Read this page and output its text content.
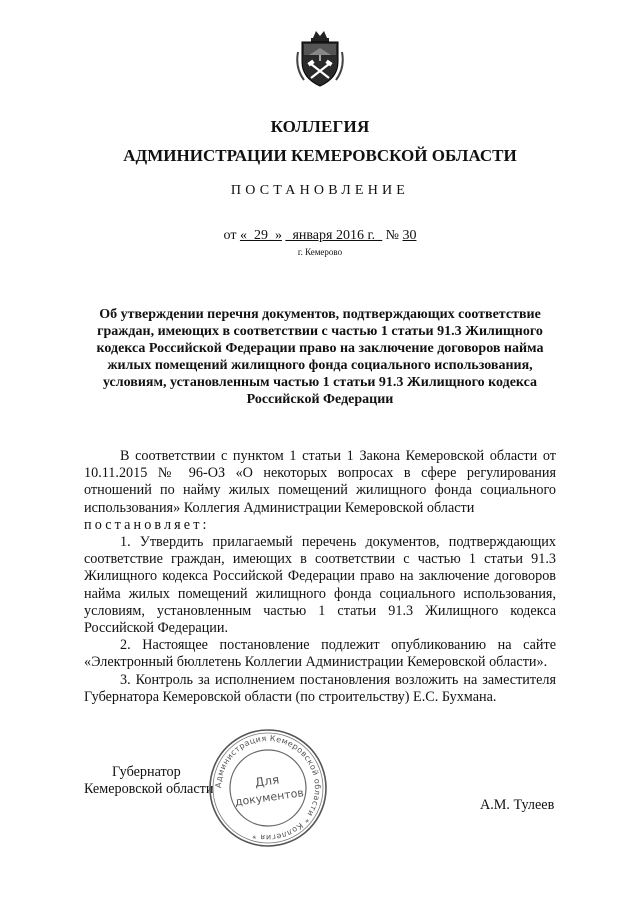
КОЛЛЕГИЯ
АДМИНИСТРАЦИИ КЕМЕРОВСКОЙ ОБЛАСТИ
ПОСТАНОВЛЕНИЕ
от «_29_» _января 2016 г._ № 30
г. Кемерово
Об утверждении перечня документов, подтверждающих соответствие граждан, имеющих в соответствии с частью 1 статьи 91.3 Жилищного кодекса Российской Федерации право на заключение договоров найма жилых помещений жилищного фонда социального использования, условиям, установленным частью 1 статьи 91.3 Жилищного кодекса Российской Федерации

В соответствии с пунктом 1 статьи 1 Закона Кемеровской области от 10.11.2015 № 96-ОЗ «О некоторых вопросах в сфере регулирования отношений по найму жилых помещений жилищного фонда социального использования» Коллегия Администрации Кемеровской области

постановляет:

1. Утвердить прилагаемый перечень документов, подтверждающих соответствие граждан, имеющих в соответствии с частью 1 статьи 91.3 Жилищного кодекса Российской Федерации право на заключение договоров найма жилых помещений жилищного фонда социального использования, условиям, установленным частью 1 статьи 91.3 Жилищного кодекса Российской Федерации.

2. Настоящее постановление подлежит опубликованию на сайте «Электронный бюллетень Коллегии Администрации Кемеровской области».

3. Контроль за исполнением постановления возложить на заместителя Губернатора Кемеровской области (по строительству) Е.С. Бухмана.

Губернатор
Кемеровской области
А.М. Тулеев
Администрация Кемеровской области * Коллегия *
Для
документов
